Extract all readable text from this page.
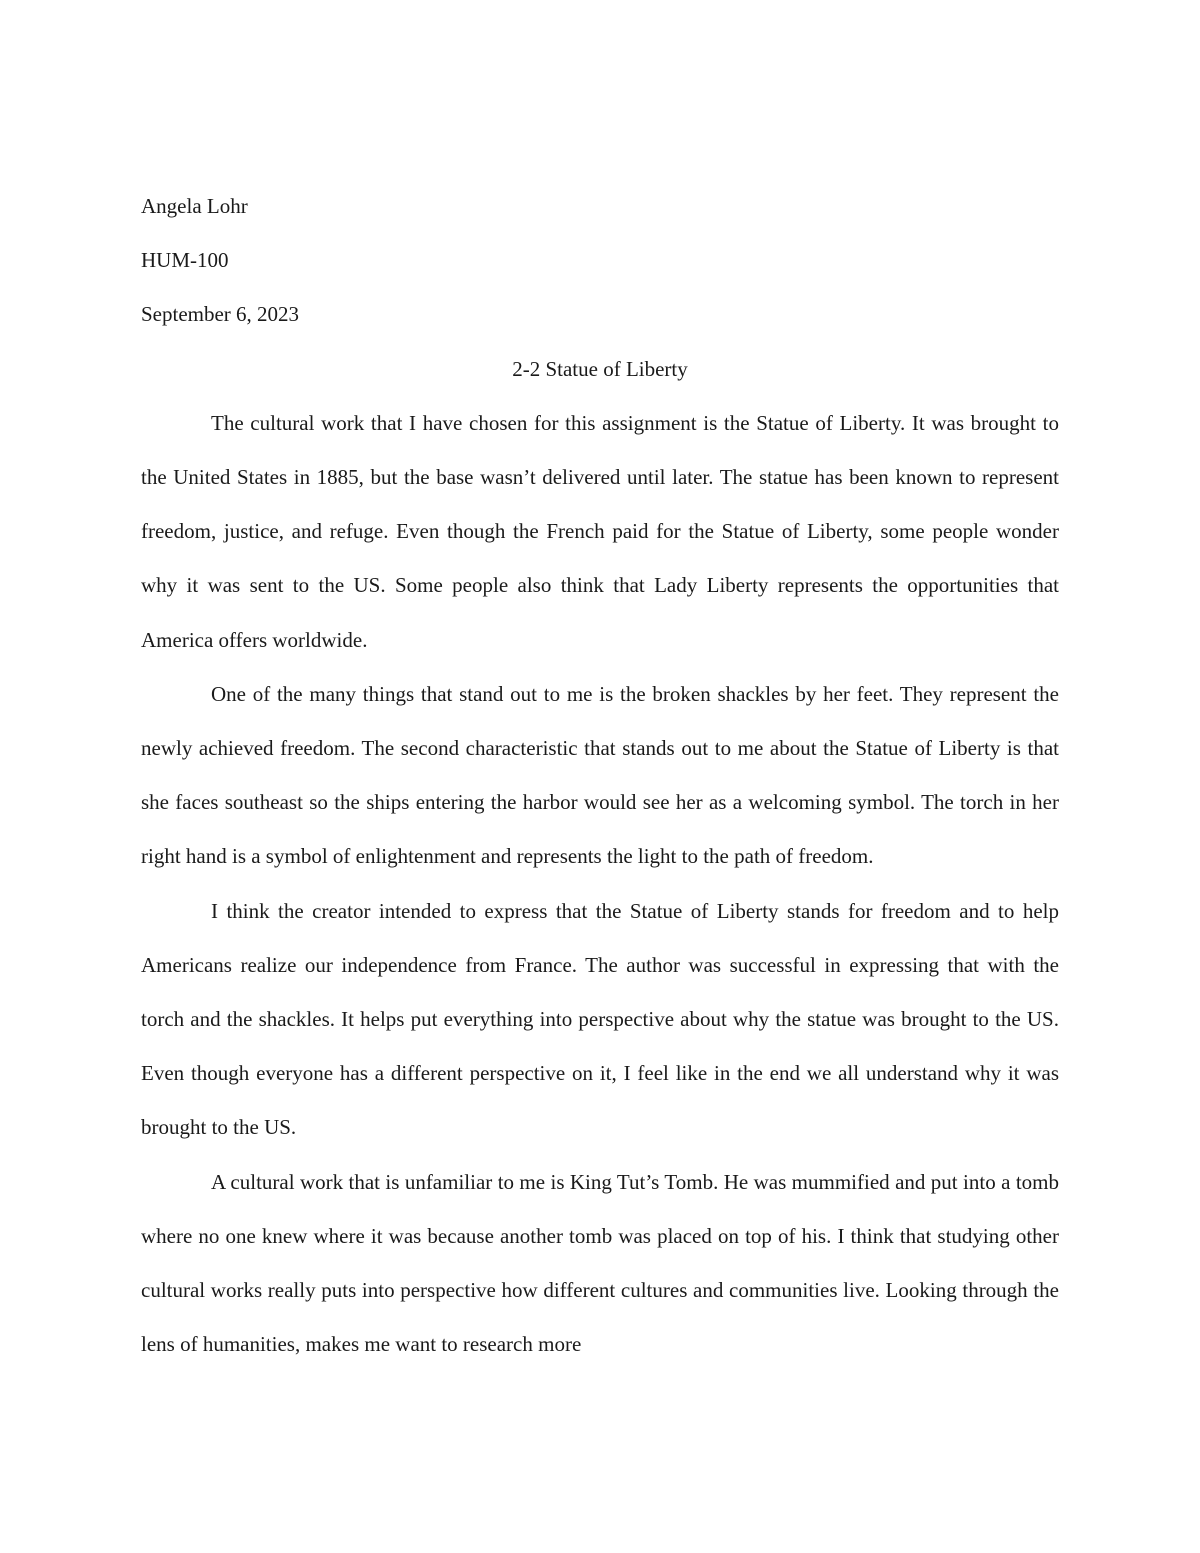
Angela Lohr

HUM-100

September 6, 2023

2-2 Statue of Liberty

The cultural work that I have chosen for this assignment is the Statue of Liberty. It was brought to the United States in 1885, but the base wasn’t delivered until later. The statue has been known to represent freedom, justice, and refuge. Even though the French paid for the Statue of Liberty, some people wonder why it was sent to the US. Some people also think that Lady Liberty represents the opportunities that America offers worldwide.

One of the many things that stand out to me is the broken shackles by her feet. They represent the newly achieved freedom. The second characteristic that stands out to me about the Statue of Liberty is that she faces southeast so the ships entering the harbor would see her as a welcoming symbol. The torch in her right hand is a symbol of enlightenment and represents the light to the path of freedom.

I think the creator intended to express that the Statue of Liberty stands for freedom and to help Americans realize our independence from France. The author was successful in expressing that with the torch and the shackles. It helps put everything into perspective about why the statue was brought to the US. Even though everyone has a different perspective on it, I feel like in the end we all understand why it was brought to the US.

A cultural work that is unfamiliar to me is King Tut’s Tomb. He was mummified and put into a tomb where no one knew where it was because another tomb was placed on top of his. I think that studying other cultural works really puts into perspective how different cultures and communities live. Looking through the lens of humanities, makes me want to research more
